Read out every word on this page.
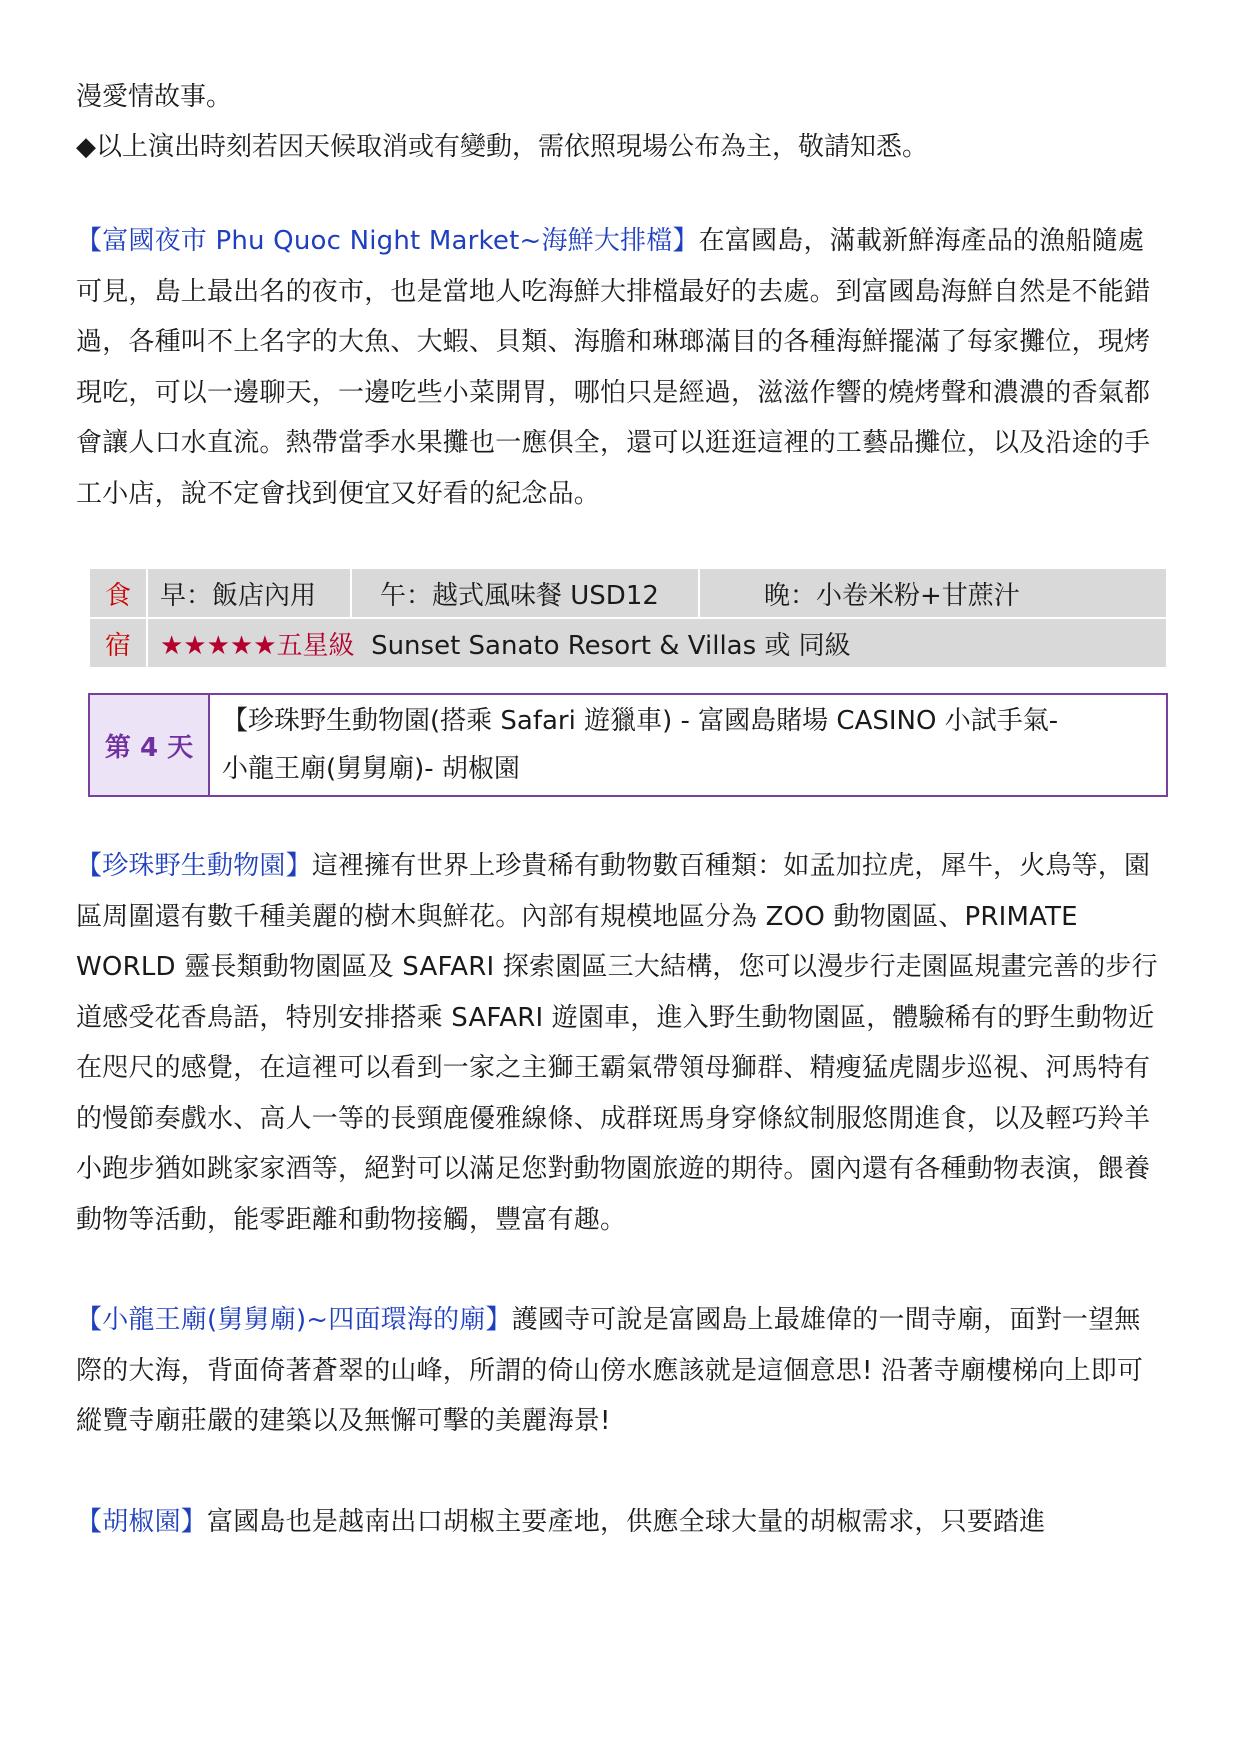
漫愛情故事。
◆以上演出時刻若因天候取消或有變動，需依照現場公布為主，敬請知悉。

【富國夜市 Phu Quoc Night Market~海鮮大排檔】在富國島，滿載新鮮海產品的漁船隨處可見，島上最出名的夜市，也是當地人吃海鮮大排檔最好的去處。到富國島海鮮自然是不能錯過，各種叫不上名字的大魚、大蝦、貝類、海膽和琳瑯滿目的各種海鮮擺滿了每家攤位，現烤現吃，可以一邊聊天，一邊吃些小菜開胃，哪怕只是經過，滋滋作響的燒烤聲和濃濃的香氣都會讓人口水直流。熱帶當季水果攤也一應俱全，還可以逛逛這裡的工藝品攤位，以及沿途的手工小店，說不定會找到便宜又好看的紀念品。

食	早：飯店內用	午：越式風味餐 USD12	晚：小卷米粉+甘蔗汁
宿	★★★★★五星級 Sunset Sanato Resort & Villas 或 同級		
第 4 天
【珍珠野生動物園(搭乘 Safari 遊獵車) - 富國島賭場 CASINO 小試手氣-
小龍王廟(舅舅廟)- 胡椒園

【珍珠野生動物園】這裡擁有世界上珍貴稀有動物數百種類：如孟加拉虎，犀牛，火鳥等，園區周圍還有數千種美麗的樹木與鮮花。內部有規模地區分為 ZOO 動物園區、PRIMATE WORLD 靈長類動物園區及 SAFARI 探索園區三大結構，您可以漫步行走園區規畫完善的步行道感受花香鳥語，特別安排搭乘 SAFARI 遊園車，進入野生動物園區，體驗稀有的野生動物近在咫尺的感覺，在這裡可以看到一家之主獅王霸氣帶領母獅群、精瘦猛虎闊步巡視、河馬特有的慢節奏戲水、高人一等的長頸鹿優雅線條、成群斑馬身穿條紋制服悠閒進食，以及輕巧羚羊小跑步猶如跳家家酒等，絕對可以滿足您對動物園旅遊的期待。園內還有各種動物表演，餵養動物等活動，能零距離和動物接觸，豐富有趣。

【小龍王廟(舅舅廟)~四面環海的廟】護國寺可說是富國島上最雄偉的一間寺廟，面對一望無際的大海，背面倚著蒼翠的山峰，所謂的倚山傍水應該就是這個意思! 沿著寺廟樓梯向上即可縱覽寺廟莊嚴的建築以及無懈可擊的美麗海景!

【胡椒園】富國島也是越南出口胡椒主要產地，供應全球大量的胡椒需求，只要踏進
